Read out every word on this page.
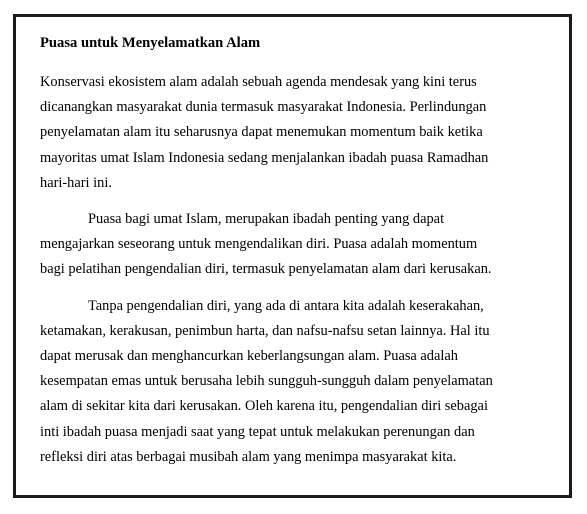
Puasa untuk Menyelamatkan Alam

Konservasi ekosistem alam adalah sebuah agenda mendesak yang kini terus
dicanangkan masyarakat dunia termasuk masyarakat Indonesia. Perlindungan
penyelamatan alam itu seharusnya dapat menemukan momentum baik ketika
mayoritas umat Islam Indonesia sedang menjalankan ibadah puasa Ramadhan
hari-hari ini.

Puasa bagi umat Islam, merupakan ibadah penting yang dapat
mengajarkan seseorang untuk mengendalikan diri. Puasa adalah momentum
bagi pelatihan pengendalian diri, termasuk penyelamatan alam dari kerusakan.

Tanpa pengendalian diri, yang ada di antara kita adalah keserakahan,
ketamakan, kerakusan, penimbun harta, dan nafsu-nafsu setan lainnya. Hal itu
dapat merusak dan menghancurkan keberlangsungan alam. Puasa adalah
kesempatan emas untuk berusaha lebih sungguh-sungguh dalam penyelamatan
alam di sekitar kita dari kerusakan. Oleh karena itu, pengendalian diri sebagai
inti ibadah puasa menjadi saat yang tepat untuk melakukan perenungan dan
refleksi diri atas berbagai musibah alam yang menimpa masyarakat kita.
